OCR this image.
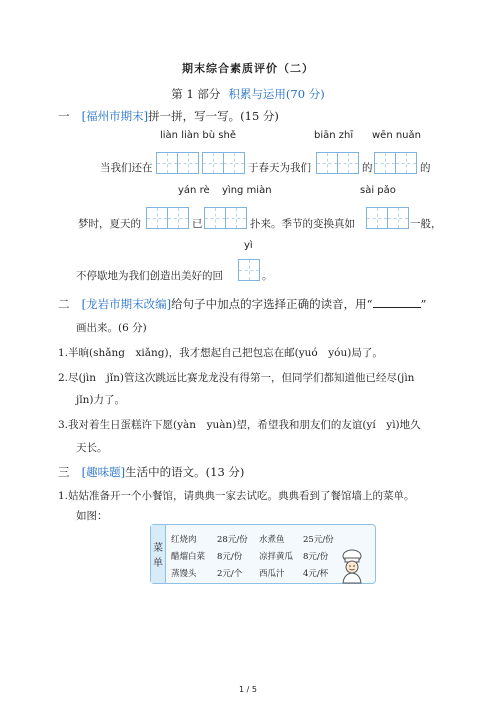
期末综合素质评价（二）
第 1 部分 积累与运用(70 分)
一 [福州市期末]拼一拼，写一写。(15 分)
liàn liàn bù shě	biān zhī wēn nuǎn
当我们还在	于春天为我们	的	的
yán rè yìng miàn	sài pǎo
梦时，夏天的	已	扑来。季节的变换真如	一般，
yì
不停歇地为我们创造出美好的回	。
二 [龙岩市期末改编]给句子中加点的字选择正确的读音，用“	”
画出来。(6 分)
1.半晌(shǎng　xiǎng)，我才想起自己把包忘在邮(yuó　yóu)局了。
2.尽(jìn　jǐn)管这次跳远比赛龙龙没有得第一，但同学们都知道他已经尽(jìn
jǐn)力了。
3.我对着生日蛋糕许下愿(yàn　yuàn)望，希望我和朋友们的友谊(yí　yì)地久
天长。
三 [趣味题]生活中的语文。(13 分)
1.姑姑准备开一个小餐馆，请典典一家去试吃。典典看到了餐馆墙上的菜单。
如图：
菜
单
红烧肉 28元/份 水煮鱼 25元/份
醋熘白菜 8元/份 凉拌黄瓜 8元/份
蒸馒头 2元/个 西瓜汁 4元/杯
1 / 5
